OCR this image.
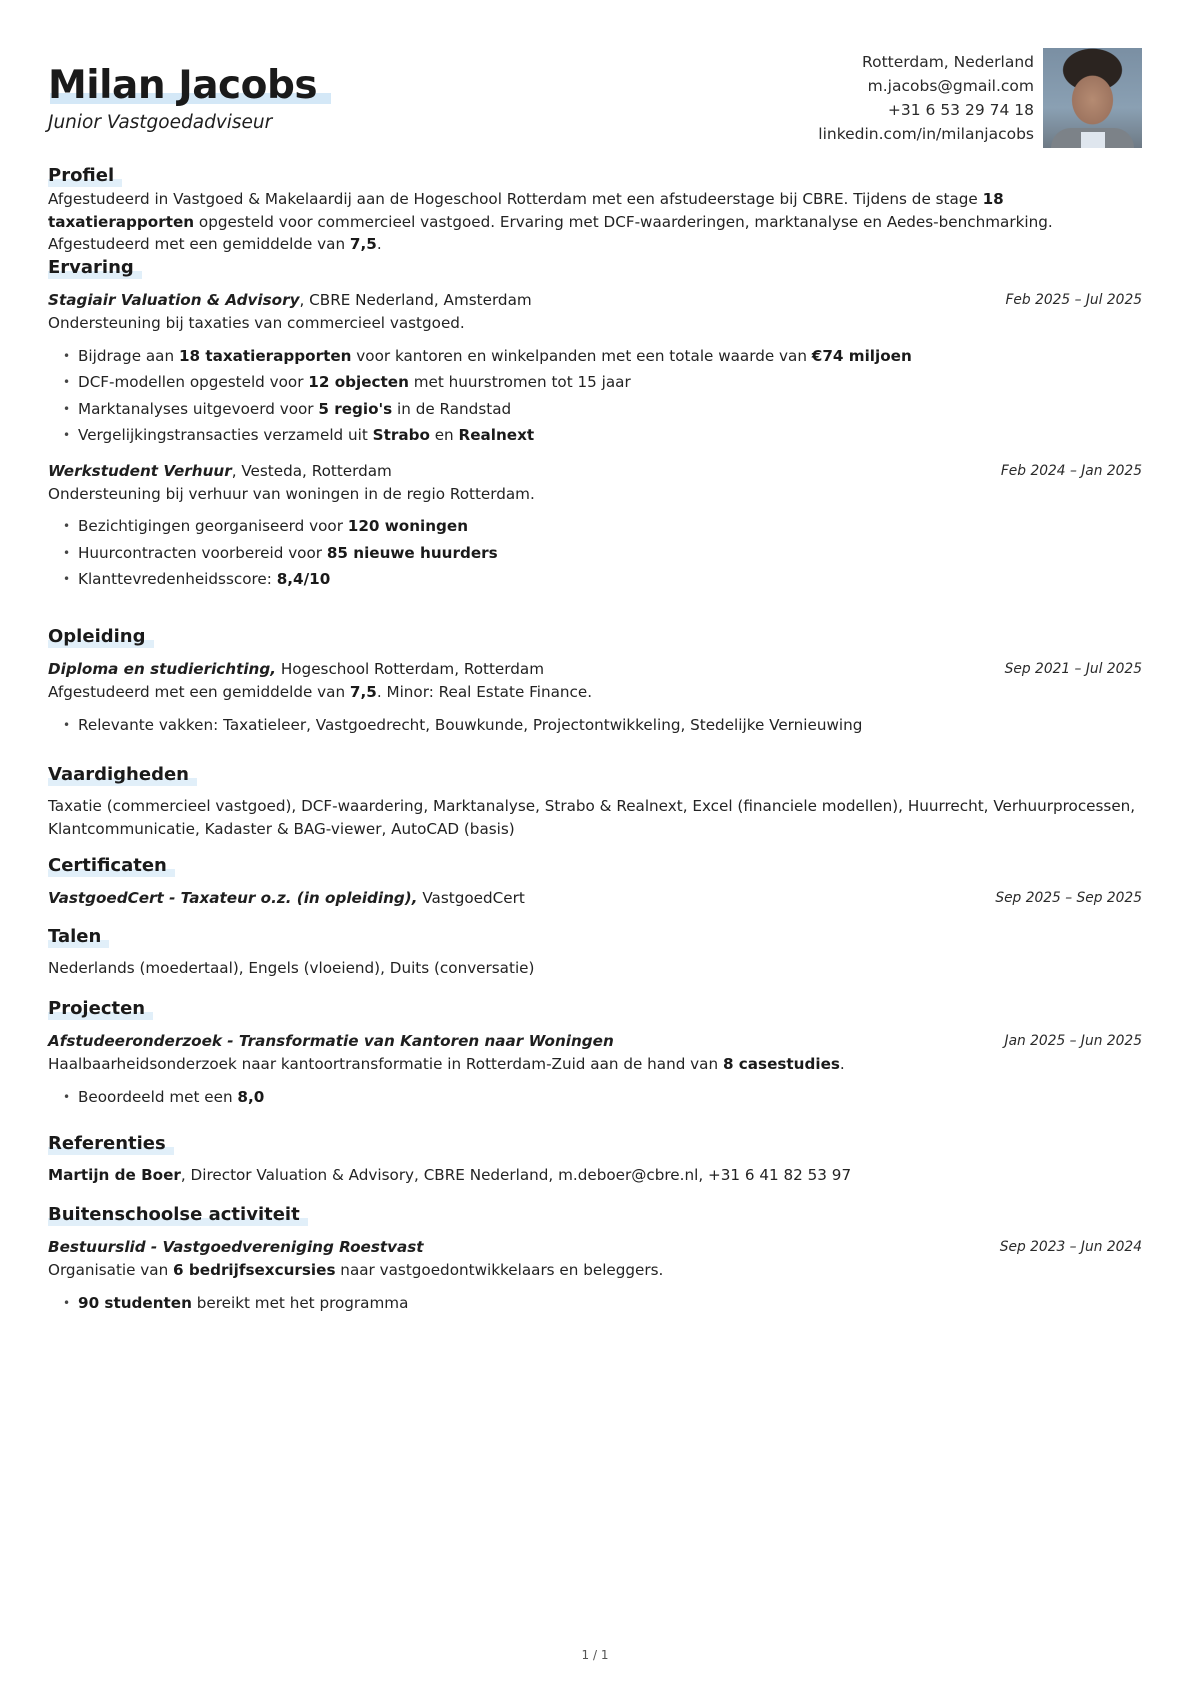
Milan Jacobs
Junior Vastgoedadviseur
Rotterdam, Nederland
m.jacobs@gmail.com
+31 6 53 29 74 18
linkedin.com/in/milanjacobs
Profiel
Afgestudeerd in Vastgoed & Makelaardij aan de Hogeschool Rotterdam met een afstudeerstage bij CBRE. Tijdens de stage 18 taxatierapporten opgesteld voor commercieel vastgoed. Ervaring met DCF-waarderingen, marktanalyse en Aedes-benchmarking. Afgestudeerd met een gemiddelde van 7,5.
Ervaring
Stagiair Valuation & Advisory, CBRE Nederland, Amsterdam	Feb 2025 – Jul 2025
Ondersteuning bij taxaties van commercieel vastgoed.
• Bijdrage aan 18 taxatierapporten voor kantoren en winkelpanden met een totale waarde van €74 miljoen
• DCF-modellen opgesteld voor 12 objecten met huurstromen tot 15 jaar
• Marktanalyses uitgevoerd voor 5 regio's in de Randstad
• Vergelijkingstransacties verzameld uit Strabo en Realnext
Werkstudent Verhuur, Vesteda, Rotterdam	Feb 2024 – Jan 2025
Ondersteuning bij verhuur van woningen in de regio Rotterdam.
• Bezichtigingen georganiseerd voor 120 woningen
• Huurcontracten voorbereid voor 85 nieuwe huurders
• Klanttevredenheidsscore: 8,4/10
Opleiding
Diploma en studierichting, Hogeschool Rotterdam, Rotterdam	Sep 2021 – Jul 2025
Afgestudeerd met een gemiddelde van 7,5. Minor: Real Estate Finance.
• Relevante vakken: Taxatieleer, Vastgoedrecht, Bouwkunde, Projectontwikkeling, Stedelijke Vernieuwing
Vaardigheden
Taxatie (commercieel vastgoed), DCF-waardering, Marktanalyse, Strabo & Realnext, Excel (financiele modellen), Huurrecht, Verhuurprocessen, Klantcommunicatie, Kadaster & BAG-viewer, AutoCAD (basis)
Certificaten
VastgoedCert - Taxateur o.z. (in opleiding), VastgoedCert	Sep 2025 – Sep 2025
Talen
Nederlands (moedertaal), Engels (vloeiend), Duits (conversatie)
Projecten
Afstudeeronderzoek - Transformatie van Kantoren naar Woningen	Jan 2025 – Jun 2025
Haalbaarheidsonderzoek naar kantoortransformatie in Rotterdam-Zuid aan de hand van 8 casestudies.
• Beoordeeld met een 8,0
Referenties
Martijn de Boer, Director Valuation & Advisory, CBRE Nederland, m.deboer@cbre.nl, +31 6 41 82 53 97
Buitenschoolse activiteit
Bestuurslid - Vastgoedvereniging Roestvast	Sep 2023 – Jun 2024
Organisatie van 6 bedrijfsexcursies naar vastgoedontwikkelaars en beleggers.
• 90 studenten bereikt met het programma
1 / 1
